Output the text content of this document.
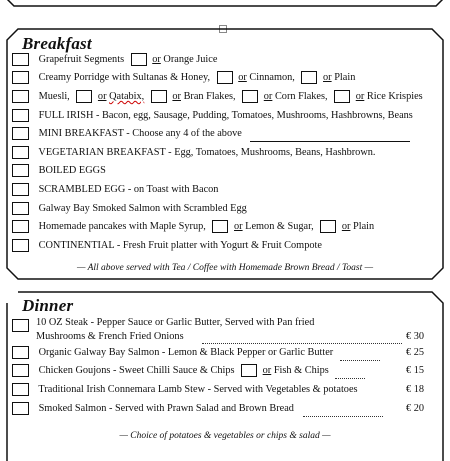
Breakfast
Grapefruit Segments	or Orange Juice
Creamy Porridge with Sultanas & Honey,	or Cinnamon,	or Plain
Muesli,	or Qatabix,	or Bran Flakes,	or Corn Flakes,	or Rice Krispies
FULL IRISH - Bacon, egg, Sausage, Pudding, Tomatoes, Mushrooms, Hashbrowns, Beans
MINI BREAKFAST - Choose any 4 of the above
VEGETARIAN BREAKFAST - Egg, Tomatoes, Mushrooms, Beans, Hashbrown.
BOILED EGGS
SCRAMBLED EGG - on Toast with Bacon
Galway Bay Smoked Salmon with Scrambled Egg
Homemade pancakes with Maple Syrup,	or Lemon & Sugar,	or Plain
CONTINENTIAL - Fresh Fruit platter with Yogurt & Fruit Compote
— All above served with Tea / Coffee with Homemade Brown Bread / Toast —
Dinner
10 OZ Steak - Pepper Sauce or Garlic Butter, Served with Pan fried
Mushrooms & French Fried Onions	€ 30
Organic Galway Bay Salmon - Lemon & Black Pepper or Garlic Butter	€ 25
Chicken Goujons - Sweet Chilli Sauce & Chips	or Fish & Chips	€ 15
Traditional Irish Connemara Lamb Stew - Served with Vegetables & potatoes	€ 18
Smoked Salmon - Served with Prawn Salad and Brown Bread	€ 20
— Choice of potatoes & vegetables or chips & salad —
